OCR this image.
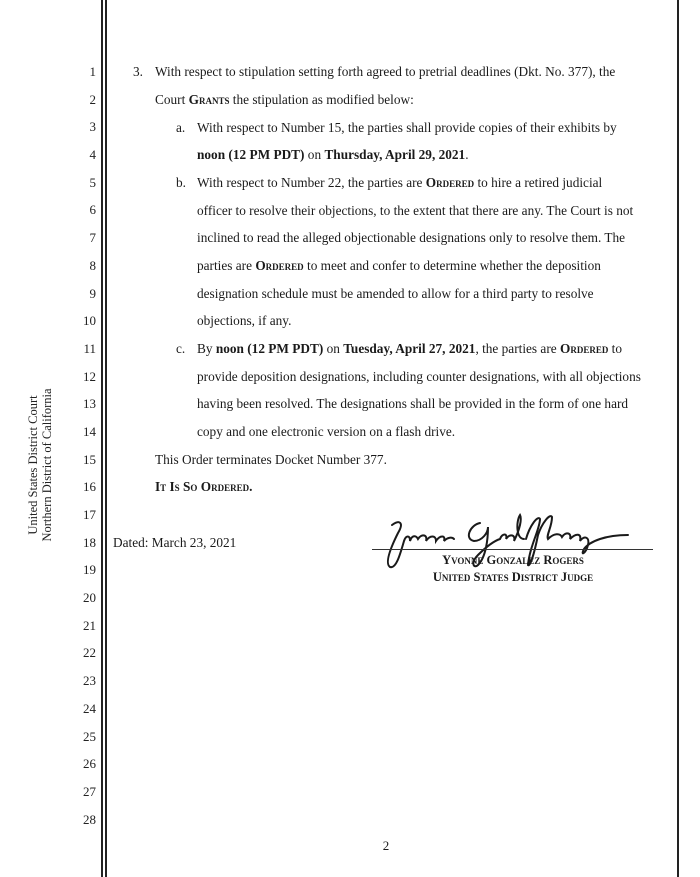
United States District Court Northern District of California
1
2
3
4
5
6
7
8
9
10
11
12
13
14
15
16
17
18
19
20
21
22
23
24
25
26
27
28
3. With respect to stipulation setting forth agreed to pretrial deadlines (Dkt. No. 377), the
Court Grants the stipulation as modified below:
a. With respect to Number 15, the parties shall provide copies of their exhibits by
noon (12 PM PDT) on Thursday, April 29, 2021.
b. With respect to Number 22, the parties are Ordered to hire a retired judicial
officer to resolve their objections, to the extent that there are any. The Court is not
inclined to read the alleged objectionable designations only to resolve them. The
parties are Ordered to meet and confer to determine whether the deposition
designation schedule must be amended to allow for a third party to resolve
objections, if any.
c. By noon (12 PM PDT) on Tuesday, April 27, 2021, the parties are Ordered to
provide deposition designations, including counter designations, with all objections
having been resolved. The designations shall be provided in the form of one hard
copy and one electronic version on a flash drive.
This Order terminates Docket Number 377.
It Is So Ordered.
Dated: March 23, 2021
Yvonne Gonzalez Rogers
United States District Judge
2
